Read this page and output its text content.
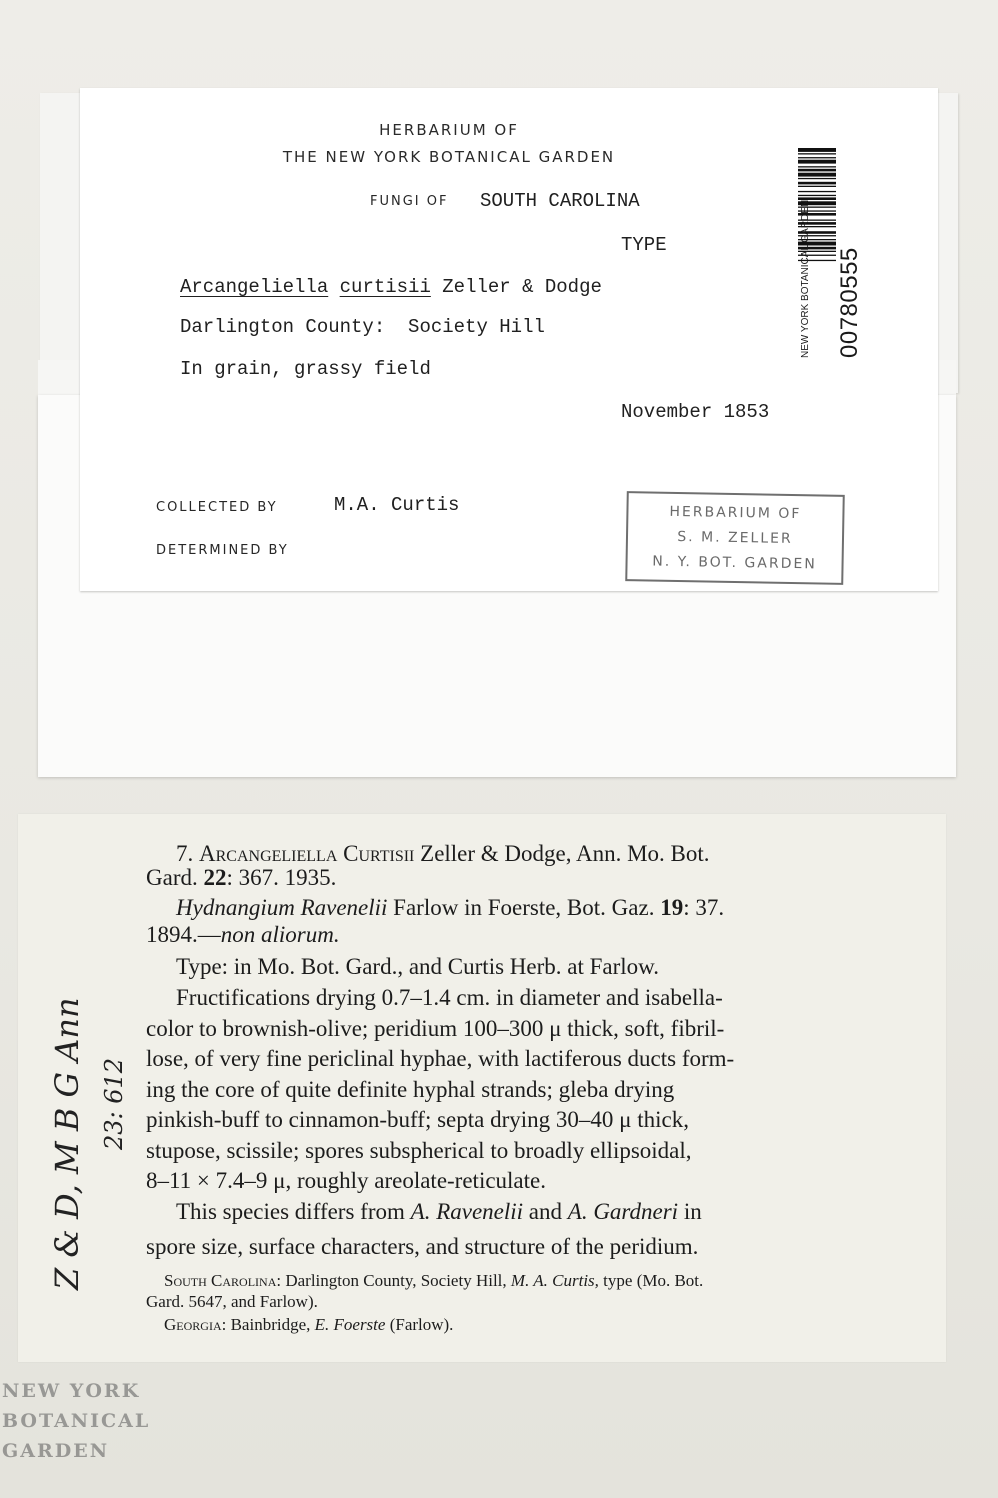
HERBARIUM OF
THE NEW YORK BOTANICAL GARDEN
FUNGI OF SOUTH CAROLINA
TYPE
Arcangeliella curtisii Zeller & Dodge
Darlington County: Society Hill
In grain, grassy field
November 1853
COLLECTED BY	M.A. Curtis
DETERMINED BY
NEW YORK BOTANICAL GARDEN 00780555
HERBARIUM OF
S. M. ZELLER
N. Y. BOT. GARDEN
7. Arcangeliella Curtisii Zeller & Dodge, Ann. Mo. Bot.
Gard. 22: 367. 1935.
Hydnangium Ravenelii Farlow in Foerste, Bot. Gaz. 19: 37.
1894.—non aliorum.
Type: in Mo. Bot. Gard., and Curtis Herb. at Farlow.
Fructifications drying 0.7–1.4 cm. in diameter and isabella-
color to brownish-olive; peridium 100–300 μ thick, soft, fibril-
lose, of very fine periclinal hyphae, with lactiferous ducts form-
ing the core of quite definite hyphal strands; gleba drying
pinkish-buff to cinnamon-buff; septa drying 30–40 μ thick,
stupose, scissile; spores subspherical to broadly ellipsoidal,
8–11 × 7.4–9 μ, roughly areolate-reticulate.
This species differs from A. Ravenelii and A. Gardneri in
spore size, surface characters, and structure of the peridium.
South Carolina: Darlington County, Society Hill, M. A. Curtis, type (Mo. Bot.
Gard. 5647, and Farlow).
Georgia: Bainbridge, E. Foerste (Farlow).
Z & D, M B G Ann 23: 612
NEW YORK
BOTANICAL
GARDEN
